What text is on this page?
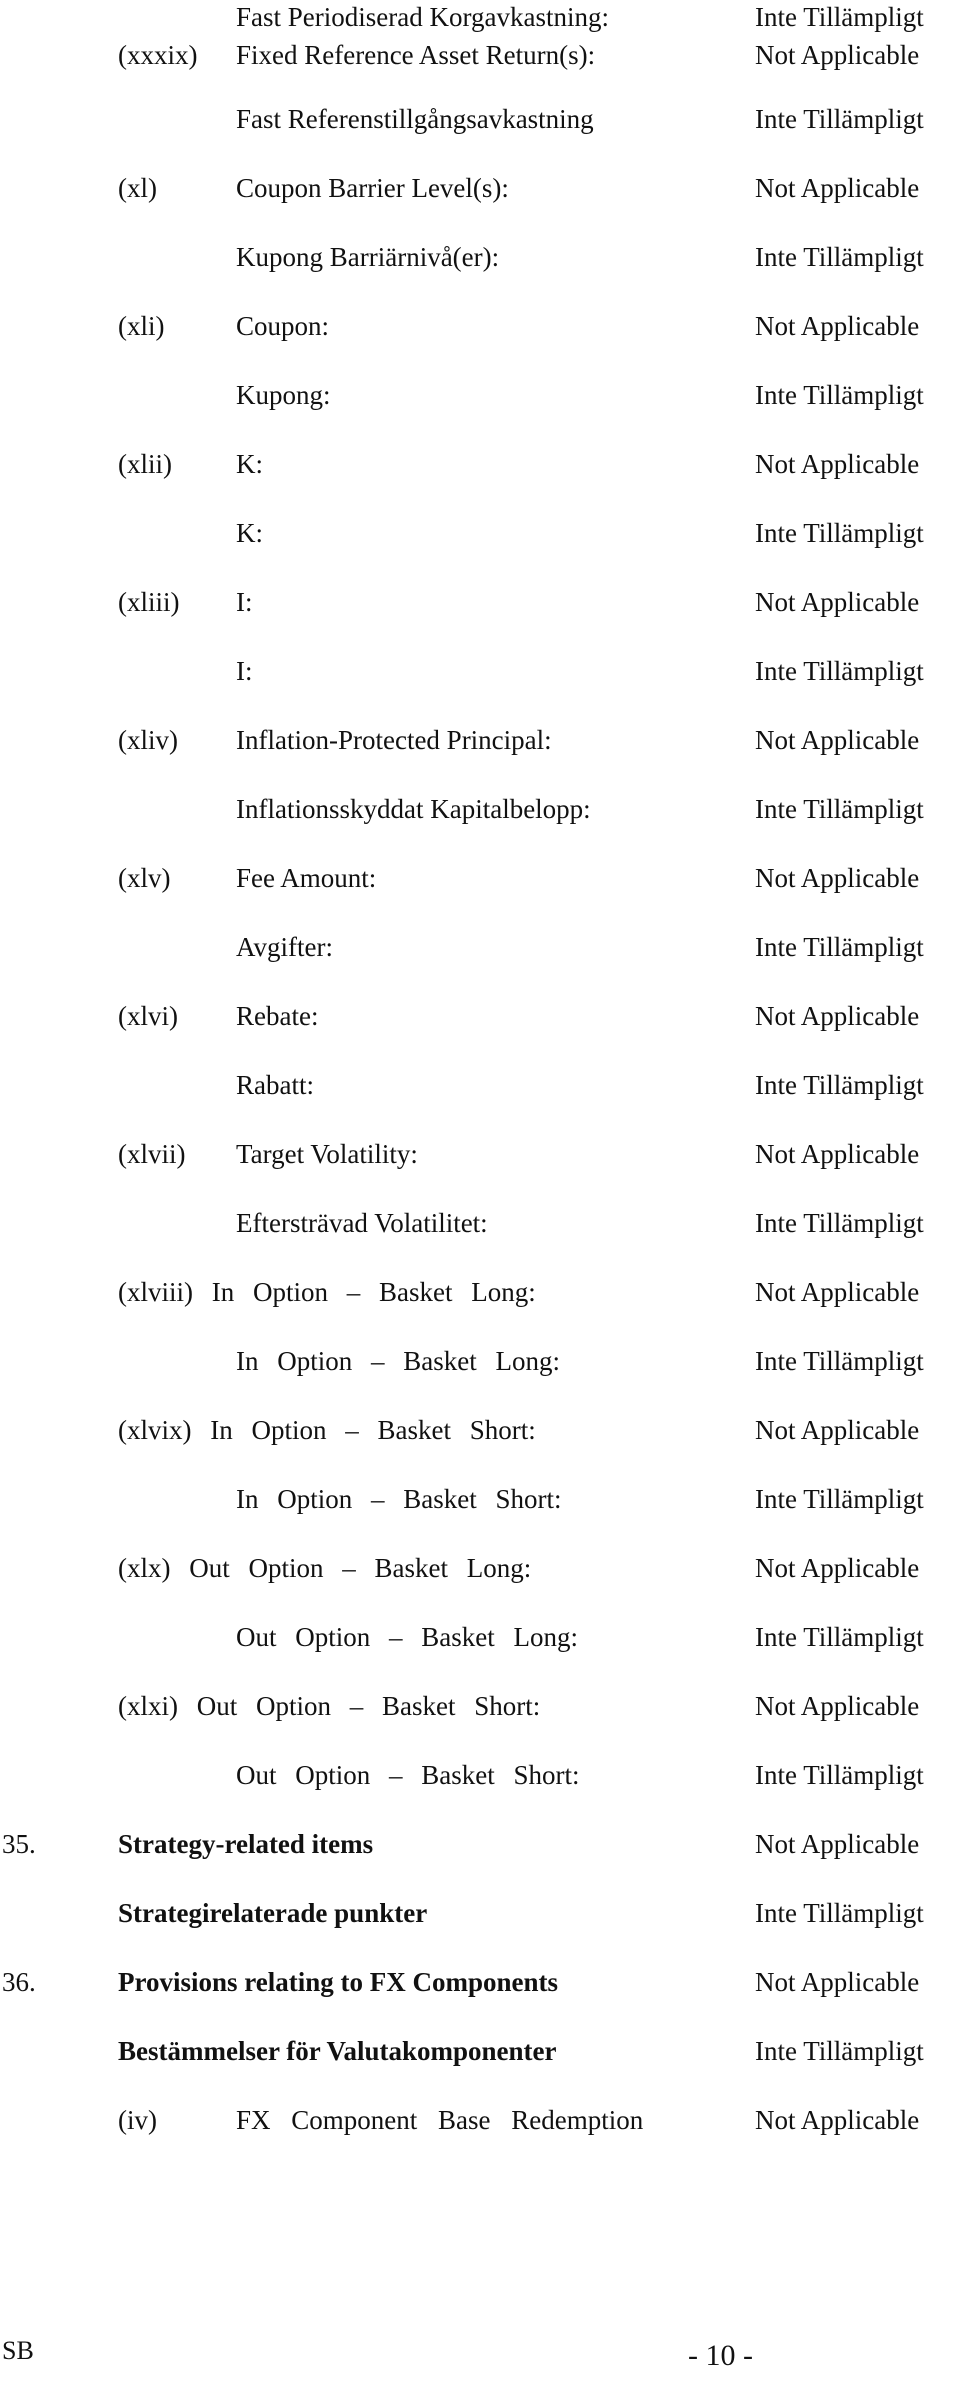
Fast Periodiserad Korgavkastning:	Inte Tillämpligt
(xxxix) Fixed Reference Asset Return(s):	Not Applicable
Fast Referenstillgångsavkastning	Inte Tillämpligt
(xl)	Coupon Barrier Level(s):	Not Applicable
Kupong Barriärnivå(er):	Inte Tillämpligt
(xli)	Coupon:	Not Applicable
Kupong:	Inte Tillämpligt
(xlii) K:	Not Applicable
K:	Inte Tillämpligt
(xliii) I:	Not Applicable
I:	Inte Tillämpligt
(xliv) Inflation-Protected Principal:	Not Applicable
Inflationsskyddat Kapitalbelopp:	Inte Tillämpligt
(xlv) Fee Amount:	Not Applicable
Avgifter:	Inte Tillämpligt
(xlvi) Rebate:	Not Applicable
Rabatt:	Inte Tillämpligt
(xlvii) Target Volatility:	Not Applicable
Eftersträvad Volatilitet:	Inte Tillämpligt
(xlviii) In Option – Basket Long:	Not Applicable
In Option – Basket Long:	Inte Tillämpligt
(xlvix) In Option – Basket Short:	Not Applicable
In Option – Basket Short:	Inte Tillämpligt
(xlx) Out Option – Basket Long:	Not Applicable
Out Option – Basket Long:	Inte Tillämpligt
(xlxi) Out Option – Basket Short:	Not Applicable
Out Option – Basket Short:	Inte Tillämpligt
35.	Strategy-related items	Not Applicable
Strategirelaterade punkter	Inte Tillämpligt
36.	Provisions relating to FX Components	Not Applicable
Bestämmelser för Valutakomponenter	Inte Tillämpligt
(iv)	FX Component Base Redemption	Not Applicable
SB	- 10 -
